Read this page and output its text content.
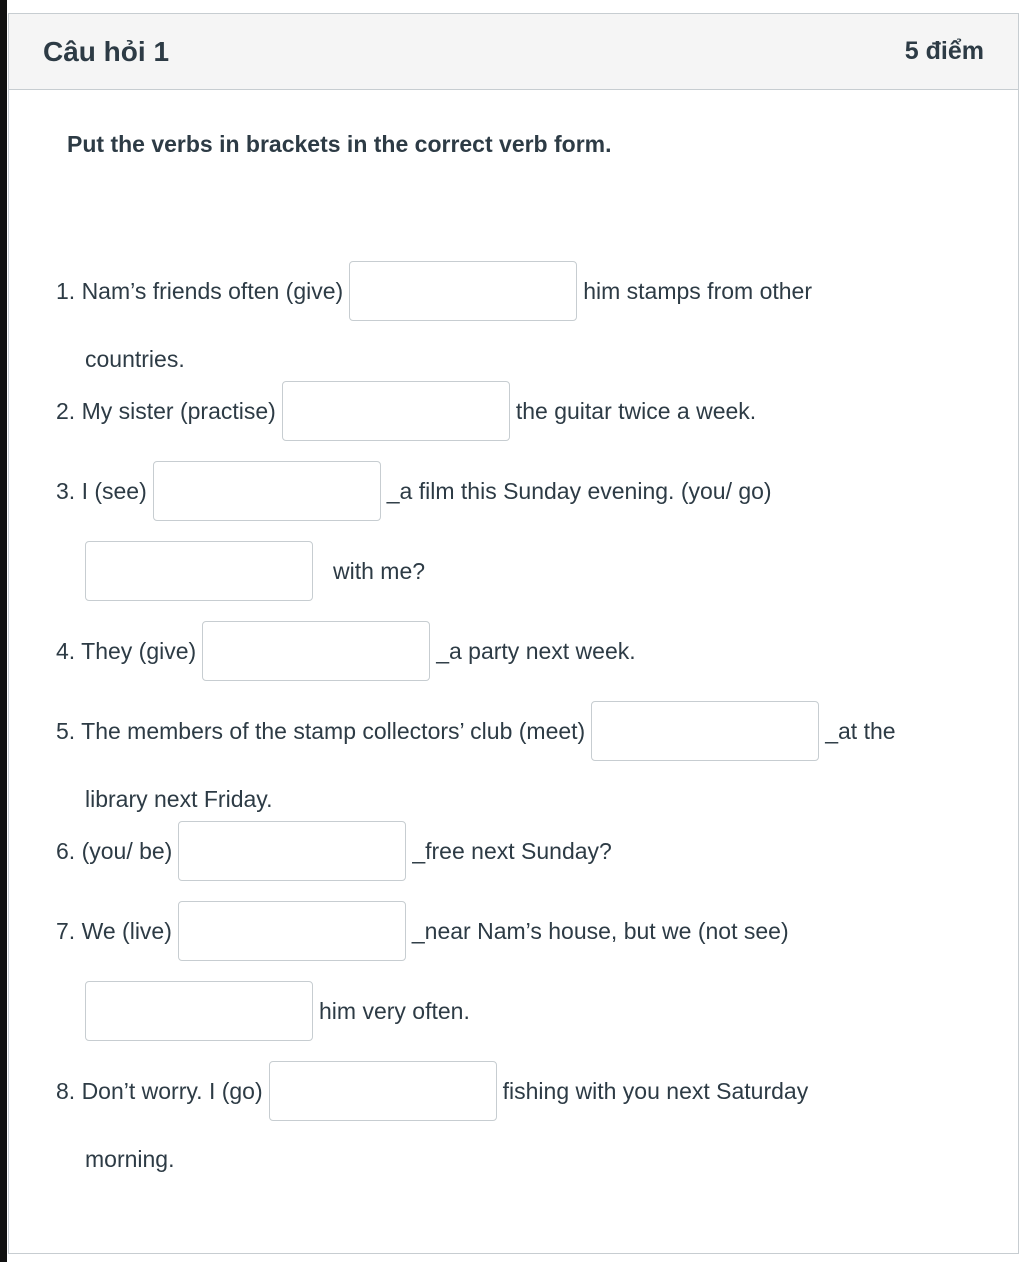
Câu hỏi 1	5 điểm
Put the verbs in brackets in the correct verb form.
1. Nam’s friends often (give)	him stamps from other
countries.
2. My sister (practise)	the guitar twice a week.
3. I (see)	_a film this Sunday evening. (you/ go)
with me?
4. They (give)	_a party next week.
5. The members of the stamp collectors’ club (meet)	_at the
library next Friday.
6. (you/ be)	_free next Sunday?
7. We (live)	_near Nam’s house, but we (not see)
him very often.
8. Don’t worry. I (go)	fishing with you next Saturday
morning.
